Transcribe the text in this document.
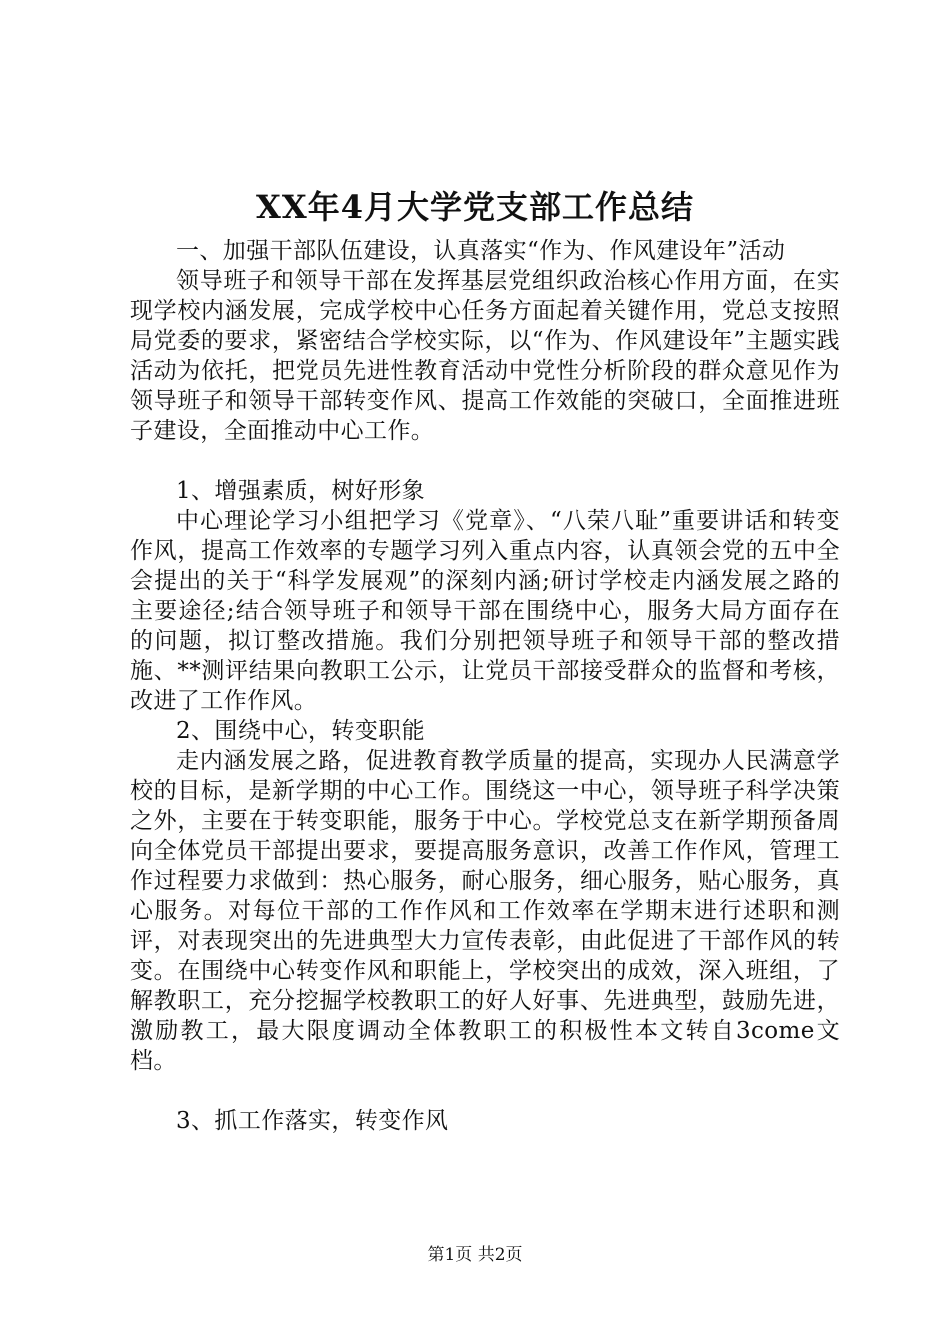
XX年4月大学党支部工作总结

一、加强干部队伍建设，认真落实“作为、作风建设年”活动

领导班子和领导干部在发挥基层党组织政治核心作用方面，在实现学校内涵发展，完成学校中心任务方面起着关键作用，党总支按照局党委的要求，紧密结合学校实际，以“作为、作风建设年”主题实践活动为依托，把党员先进性教育活动中党性分析阶段的群众意见作为领导班子和领导干部转变作风、提高工作效能的突破口，全面推进班子建设，全面推动中心工作。

1、增强素质，树好形象

中心理论学习小组把学习《党章》、“八荣八耻”重要讲话和转变作风，提高工作效率的专题学习列入重点内容，认真领会党的五中全会提出的关于“科学发展观”的深刻内涵;研讨学校走内涵发展之路的主要途径;结合领导班子和领导干部在围绕中心，服务大局方面存在的问题，拟订整改措施。我们分别把领导班子和领导干部的整改措施、**测评结果向教职工公示，让党员干部接受群众的监督和考核，改进了工作作风。

2、围绕中心，转变职能

走内涵发展之路，促进教育教学质量的提高，实现办人民满意学校的目标，是新学期的中心工作。围绕这一中心，领导班子科学决策之外，主要在于转变职能，服务于中心。学校党总支在新学期预备周向全体党员干部提出要求，要提高服务意识，改善工作作风，管理工作过程要力求做到：热心服务，耐心服务，细心服务，贴心服务，真心服务。对每位干部的工作作风和工作效率在学期末进行述职和测评，对表现突出的先进典型大力宣传表彰，由此促进了干部作风的转变。在围绕中心转变作风和职能上，学校突出的成效，深入班组，了解教职工，充分挖掘学校教职工的好人好事、先进典型，鼓励先进，激励教工，最大限度调动全体教职工的积极性本文转自3come文档。

3、抓工作落实，转变作风

第1页 共2页
